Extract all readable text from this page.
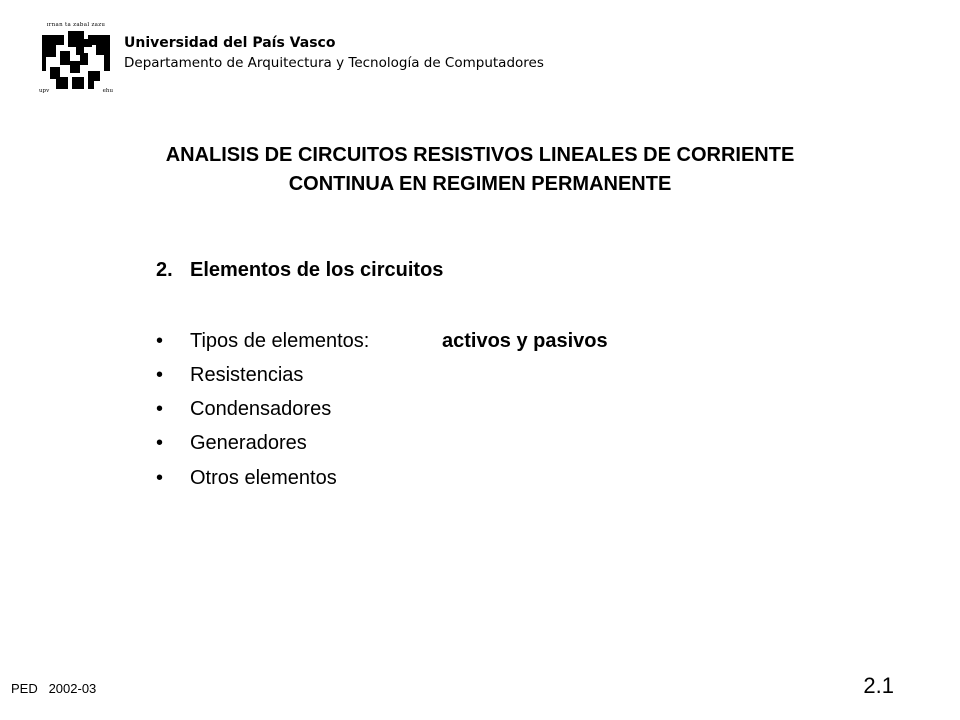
ɪrnan ta zabal zazu
upv	ehu
Universidad del País Vasco
Departamento de Arquitectura y Tecnología de Computadores
ANALISIS DE CIRCUITOS RESISTIVOS LINEALES DE CORRIENTE
CONTINUA EN REGIMEN PERMANENTE
2. Elementos de los circuitos
• Tipos de elementos:	activos y pasivos
• Resistencias
• Condensadores
• Generadores
• Otros elementos
PED   2002-03	2.1
